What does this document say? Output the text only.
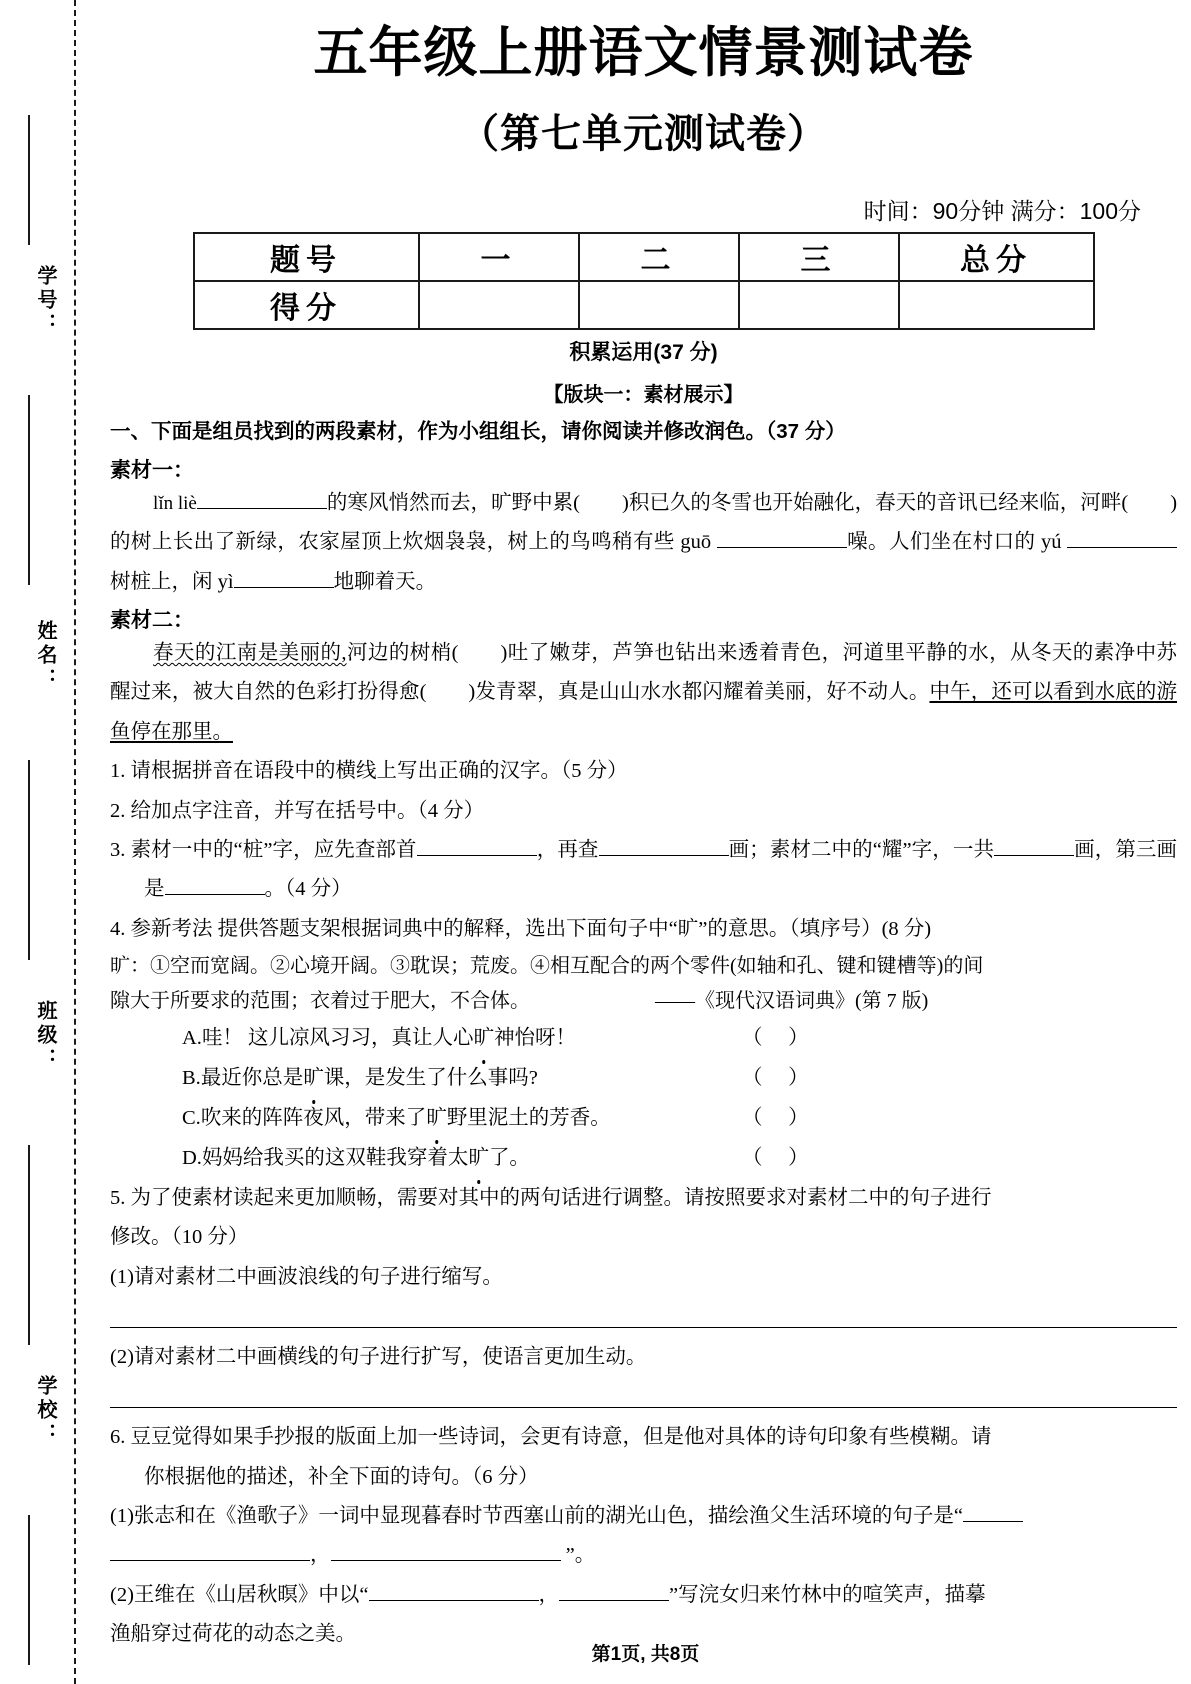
学号：
姓名：
班级：
学校：
五年级上册语文情景测试卷
（第七单元测试卷）
时间：90分钟 满分：100分
题号	一	二	三	总分
得分				
积累运用(37 分)
【版块一：素材展示】
一、下面是组员找到的两段素材，作为小组组长，请你阅读并修改润色。（37 分）
素材一：
lǐn liè	的寒风悄然而去，旷野中累( )积已久的冬雪也开始融化，春天的音讯已经来临，河畔( )的树上长出了新绿，农家屋顶上炊烟袅袅，树上的鸟鸣稍有些 guō	噪。人们坐在村口的 yú 树桩上，闲 yì	地聊着天。
素材二：
春天的江南是美丽的,河边的树梢( )吐了嫩芽，芦笋也钻出来透着青色，河道里平静的水，从冬天的素净中苏醒过来，被大自然的色彩打扮得愈( )发青翠，真是山山水水都闪耀着美丽，好不动人。中午，还可以看到水底的游鱼停在那里。
1. 请根据拼音在语段中的横线上写出正确的汉字。（5 分）
2. 给加点字注音，并写在括号中。（4 分）
3. 素材一中的“桩”字，应先查部首	，再查	画；素材二中的“耀”字，一共	画，第三画是	。（4 分）
4. 参新考法 提供答题支架根据词典中的解释，选出下面句子中“旷”的意思。（填序号）(8 分)
旷：①空而宽阔。②心境开阔。③耽误；荒废。④相互配合的两个零件(如轴和孔、键和键槽等)的间
隙大于所要求的范围；衣着过于肥大，不合体。	——《现代汉语词典》(第 7 版)
A.哇！ 这儿凉风习习，真让人心旷神怡呀！	（     ）
B.最近你总是旷课，是发生了什么事吗?	（     ）
C.吹来的阵阵夜风，带来了旷野里泥土的芳香。	（     ）
D.妈妈给我买的这双鞋我穿着太旷了。	（     ）
5. 为了使素材读起来更加顺畅，需要对其中的两句话进行调整。请按照要求对素材二中的句子进行
修改。（10 分）
(1)请对素材二中画波浪线的句子进行缩写。
(2)请对素材二中画横线的句子进行扩写，使语言更加生动。
6. 豆豆觉得如果手抄报的版面上加一些诗词，会更有诗意，但是他对具体的诗句印象有些模糊。请
你根据他的描述，补全下面的诗句。（6 分）
(1)张志和在《渔歌子》一词中显现暮春时节西塞山前的湖光山色，描绘渔父生活环境的句子是“
，	”。
(2)王维在《山居秋暝》中以“	，	”写浣女归来竹林中的喧笑声，描摹
渔船穿过荷花的动态之美。
第1页, 共8页
